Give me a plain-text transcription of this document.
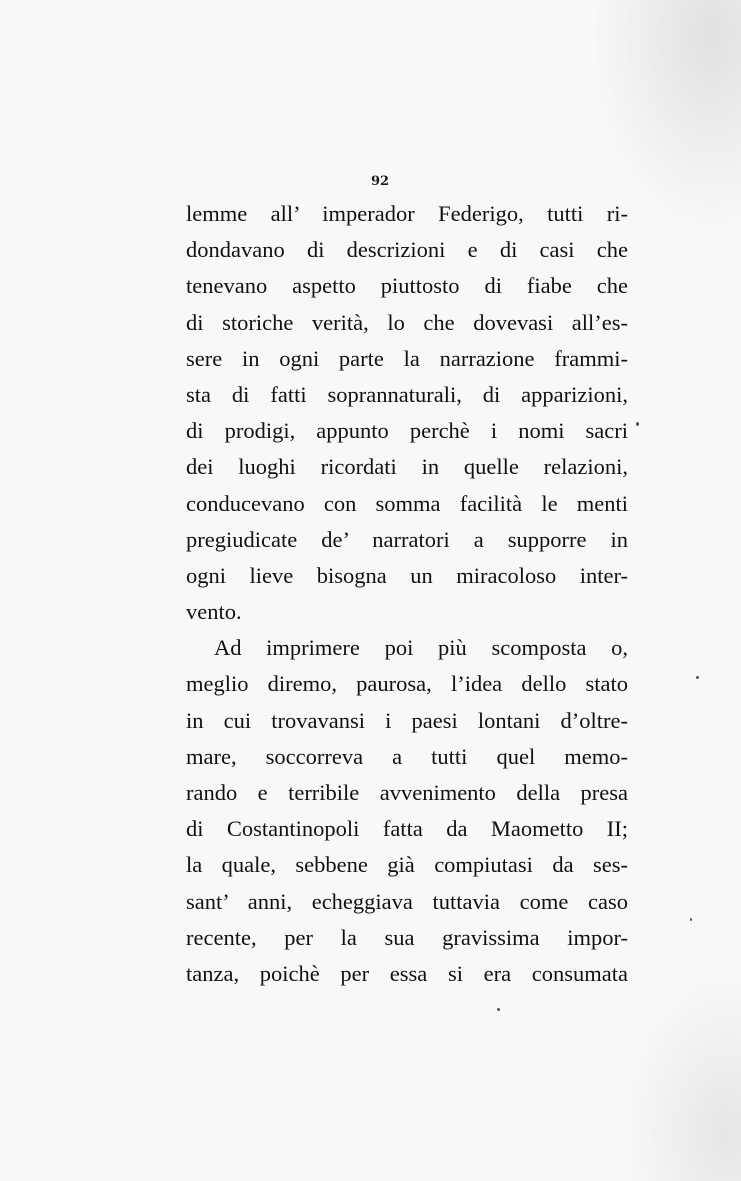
92
lemme all’ imperador Federigo, tutti ri-
dondavano di descrizioni e di casi che
tenevano aspetto piuttosto di fiabe che
di storiche verità, lo che dovevasi all’es-
sere in ogni parte la narrazione frammi-
sta di fatti soprannaturali, di apparizioni,
di prodigi, appunto perchè i nomi sacri
dei luoghi ricordati in quelle relazioni,
conducevano con somma facilità le menti
pregiudicate de’ narratori a supporre in
ogni lieve bisogna un miracoloso inter-
vento.
Ad imprimere poi più scomposta o,
meglio diremo, paurosa, l’idea dello stato
in cui trovavansi i paesi lontani d’oltre-
mare, soccorreva a tutti quel memo-
rando e terribile avvenimento della presa
di Costantinopoli fatta da Maometto II;
la quale, sebbene già compiutasi da ses-
sant’ anni, echeggiava tuttavia come caso
recente, per la sua gravissima impor-
tanza, poichè per essa si era consumata
